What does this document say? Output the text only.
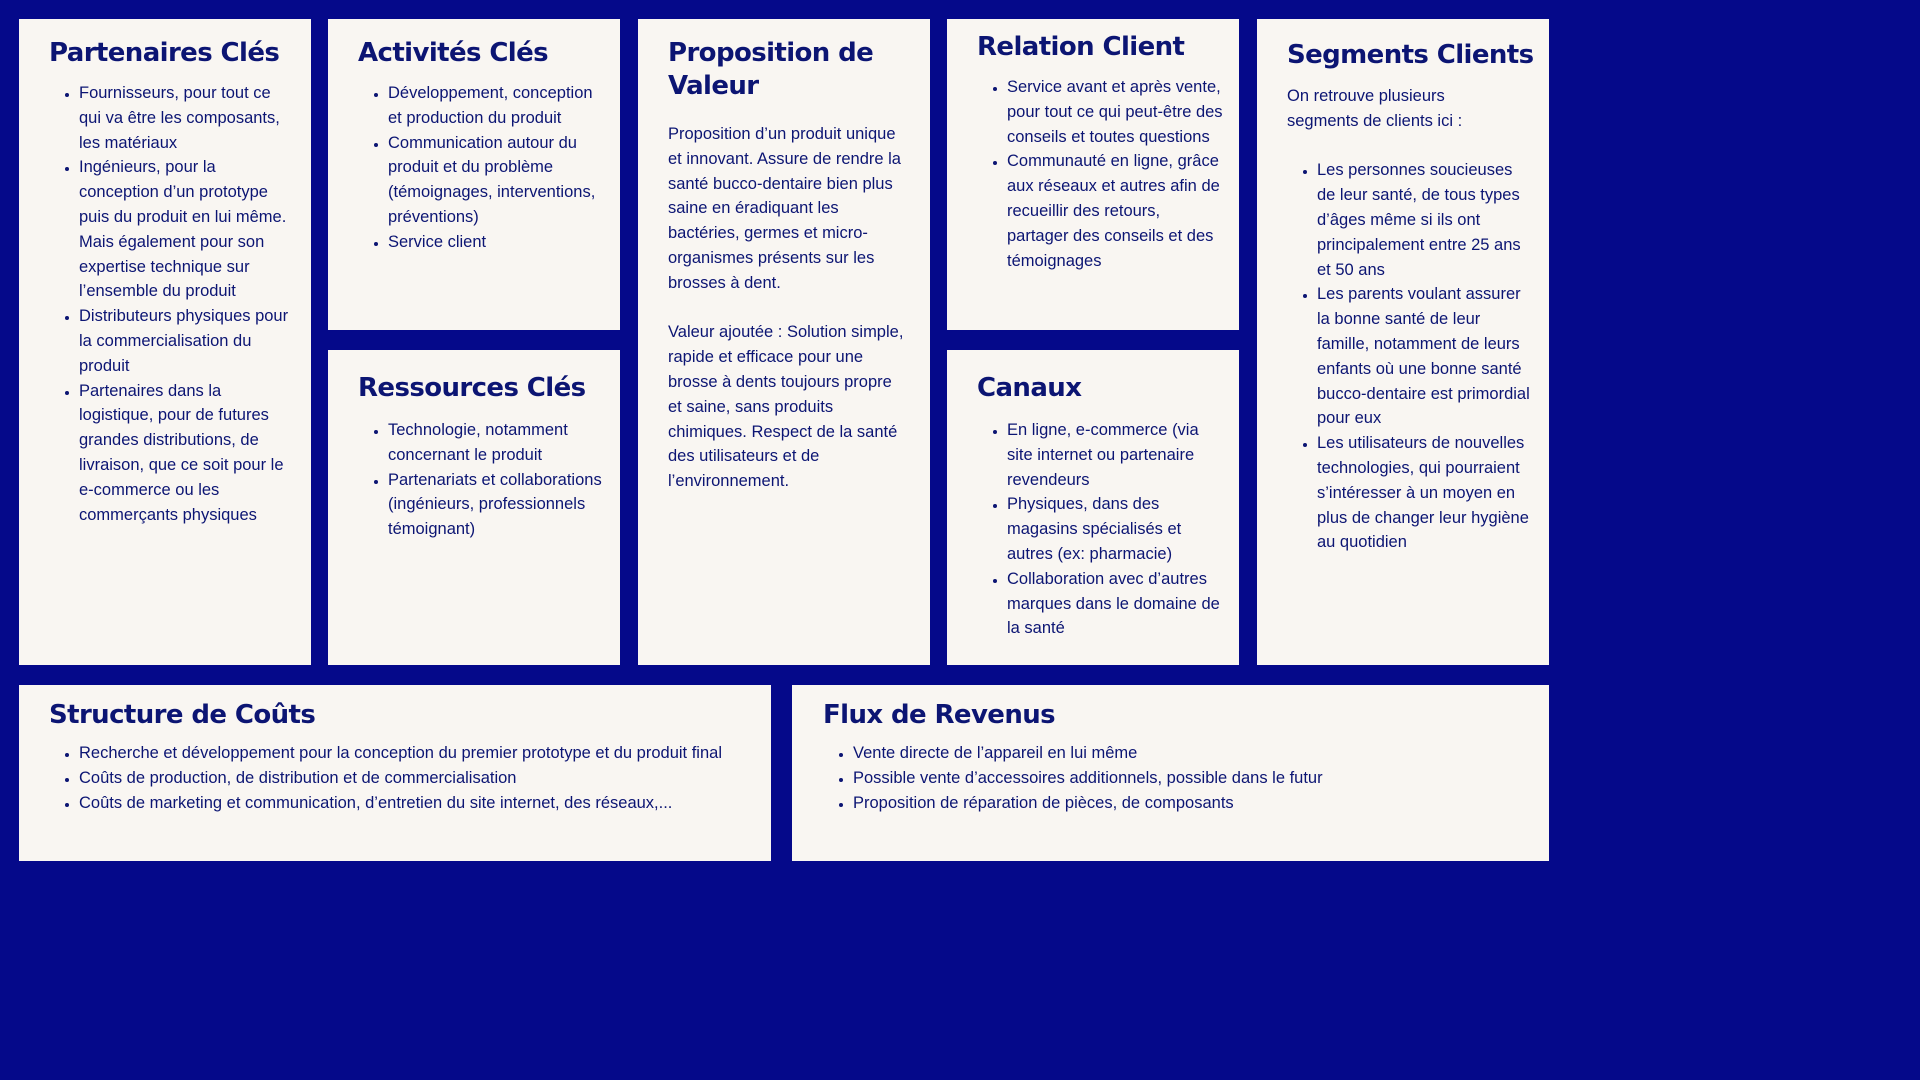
Partenaires Clés
• Fournisseurs, pour tout ce qui va être les composants, les matériaux
• Ingénieurs, pour la conception d’un prototype puis du produit en lui même. Mais également pour son expertise technique sur l’ensemble du produit
• Distributeurs physiques pour la commercialisation du produit
• Partenaires dans la logistique, pour de futures grandes distributions, de livraison, que ce soit pour le e-commerce ou les commerçants physiques
Activités Clés
• Développement, conception et production du produit
• Communication autour du produit et du problème (témoignages, interventions, préventions)
• Service client
Ressources Clés
• Technologie, notamment concernant le produit
• Partenariats et collaborations (ingénieurs, professionnels témoignant)
Proposition de Valeur

Proposition d’un produit unique et innovant. Assure de rendre la santé bucco-dentaire bien plus saine en éradiquant les bactéries, germes et micro-organismes présents sur les brosses à dent.

Valeur ajoutée : Solution simple, rapide et efficace pour une brosse à dents toujours propre et saine, sans produits chimiques. Respect de la santé des utilisateurs et de l’environnement.

Relation Client
• Service avant et après vente, pour tout ce qui peut-être des conseils et toutes questions
• Communauté en ligne, grâce aux réseaux et autres afin de recueillir des retours, partager des conseils et des témoignages
Canaux
• En ligne, e-commerce (via site internet ou partenaire revendeurs
• Physiques, dans des magasins spécialisés et autres (ex: pharmacie)
• Collaboration avec d’autres marques dans le domaine de la santé
Segments Clients

On retrouve plusieurs segments de clients ici :

• Les personnes soucieuses de leur santé, de tous types d’âges même si ils ont principalement entre 25 ans et 50 ans
• Les parents voulant assurer la bonne santé de leur famille, notamment de leurs enfants où une bonne santé bucco-dentaire est primordial pour eux
• Les utilisateurs de nouvelles technologies, qui pourraient s’intéresser à un moyen en plus de changer leur hygiène au quotidien
Structure de Coûts
• Recherche et développement pour la conception du premier prototype et du produit final
• Coûts de production, de distribution et de commercialisation
• Coûts de marketing et communication, d’entretien du site internet, des réseaux,...
Flux de Revenus
• Vente directe de l’appareil en lui même
• Possible vente d’accessoires additionnels, possible dans le futur
• Proposition de réparation de pièces, de composants
